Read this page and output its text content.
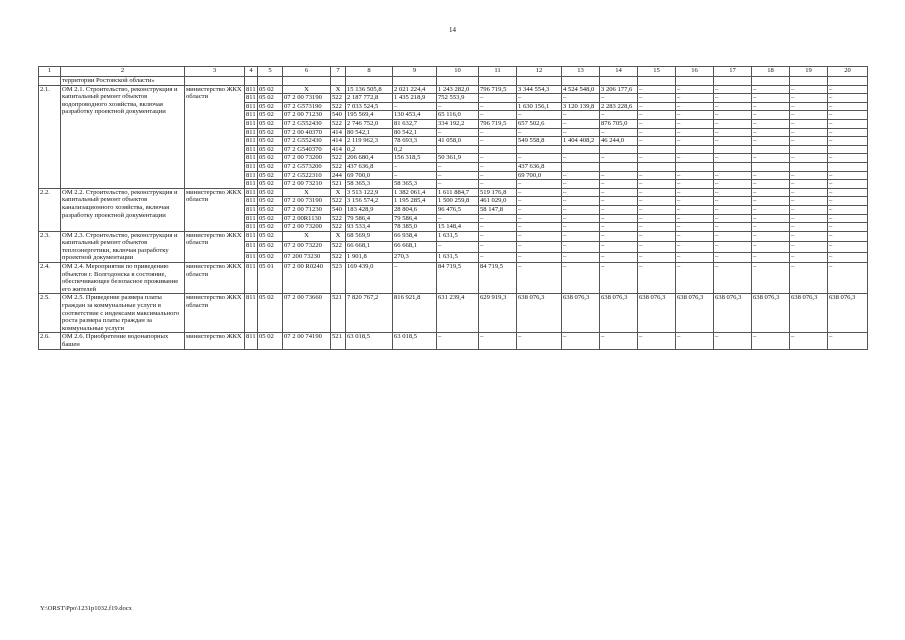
14
1	2	3	4	5	6	7	8	9	10	11	12	13	14	15	16	17	18	19	20	
	территории Ростовской области»																			
2.1.	ОМ 2.1. Строительство, реконструкция и капитальный ремонт объектов водопроводного хозяйства, включая разработку проектной документации	министерство ЖКХ области	811	05 02	Х	Х	15 136 505,8	2 021 224,4	1 243 282,0	796 719,5	3 344 554,3	4 524 548,0	3 206 177,6	–	–	–	–	–	–	
			811	05 02	07 2 00 73190	522	2 187 772,8	1 435 218,9	752 553,9	–	–	–	–	–	–	–	–	–	–	
			811	05 02	07 2 G573190	522	7 033 524,5	–	–	–	1 630 156,1	3 120 139,8	2 283 228,6	–	–	–	–	–	–	
			811	05 02	07 2 00 71230	540	195 569,4	130 453,4	65 116,0	–	–	–	–	–	–	–	–	–	–	
			811	05 02	07 2 G552430	522	2 746 752,0	81 632,7	334 192,2	796 719,5	657 502,6	–	876 705,0	–	–	–	–	–	–	
			811	05 02	07 2 00 40370	414	80 542,1	80 542,1	–	–	–	–	–	–	–	–	–	–	–	
			811	05 02	07 2 G552430	414	2 119 962,3	78 693,3	41 058,0	–	549 558,8	1 404 408,2	46 244,0	–	–	–	–	–	–	
			811	05 02	07 2 G540370	414	0,2	0,2												
			811	05 02	07 2 00 73200	522	206 680,4	156 318,5	50 361,9	–	–	–	–	–	–	–	–	–	–	
			811	05 02	07 2 G573200	522	437 636,8	–	–	–	437 636,8									
			811	05 02	07 2 G522310	244	69 700,0	–	–	–	69 700,0	–	–	–	–	–	–	–	–	
			811	05 02	07 2 00 73210	521	58 365,3	58 365,3	–	–	–	–	–	–	–	–	–	–	–	
2.2.	ОМ 2.2. Строительство, реконструкция и капитальный ремонт объектов канализационного хозяйства, включая разработку проектной документации	министерство ЖКХ области	811	05 02	Х	Х	3 513 122,9	1 382 061,4	1 611 884,7	519 176,8	–	–	–	–	–	–	–	–	–	
			811	05 02	07 2 00 73190	522	3 156 574,2	1 195 285,4	1 500 259,8	461 029,0	–	–	–	–	–	–	–	–	–	
			811	05 02	07 2 00 71230	540	183 428,9	28 804,6	96 476,5	58 147,8	–	–	–	–	–	–	–	–	–	
			811	05 02	07 2 00R1130	522	79 586,4	79 586,4	–	–	–	–	–	–	–	–	–	–	–	
			811	05 02	07 2 00 73200	522	93 533,4	78 385,0	15 148,4	–	–	–	–	–	–	–	–	–	–	

2.3.	ОМ 2.3. Строительство, реконструкция и капитальный ремонт объектов теплоэнергетики, включая разработку проектной документации	министерство ЖКХ области	811	05 02	Х	Х	68 569,9	66 938,4	1 631,5	–	–	–	–	–	–	–	–	–	–	
			811	05 02	07 2 00 73220	522	66 668,1	66 668,1	–	–	–	–	–	–	–	–	–	–	–	
			811	05 02	07 200 73230	522	1 901,8	270,3	1 631,5	–	–	–	–	–	–	–	–	–	–	

2.4.	ОМ 2.4. Мероприятия по приведению объектов г. Волгодонска в состояние, обеспечивающее безопасное проживание его жителей	министерство ЖКХ области	811	05 01	07 2 00 R0240	523	169 439,0	–	84 719,5	84 719,5	–	–	–	–	–	–	–	–	–	

2.5.	ОМ 2.5. Приведение размера платы граждан за коммунальные услуги в соответствие с индексами максимального роста размера платы граждан за коммунальные услуги	министерство ЖКХ области	811	05 02	07 2 00 73660	521	7 820 767,2	816 921,8	631 239,4	629 919,3	638 076,3	638 076,3	638 076,3	638 076,3	638 076,3	638 076,3	638 076,3	638 076,3	638 076,3	

2.6.	ОМ 2.6. Приобретение водонапорных башен	министерство ЖКХ	811	05 02	07 2 00 74190	521	63 018,5	63 018,5	–	–	–	–	–	–	–	–	–	–	–	

Y:\ORST\Ppo\1231p1032.f19.docx
